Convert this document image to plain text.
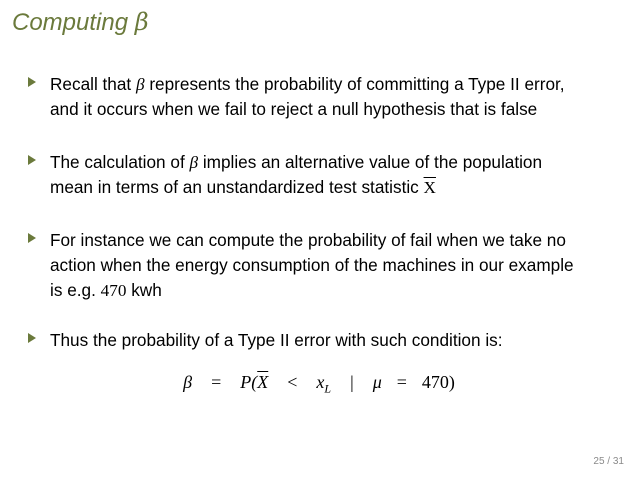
Computing β
Recall that β represents the probability of committing a Type II error,
and it occurs when we fail to reject a null hypothesis that is false
The calculation of β implies an alternative value of the population
mean in terms of an unstandardized test statistic $\overline{X}$
For instance we can compute the probability of fail when we take no
action when the energy consumption of the machines in our example
is e.g. 470 kwh
Thus the probability of a Type II error with such condition is:
$\beta = P(\overline{X} < x_L$ | μ = 470)
25 / 31
